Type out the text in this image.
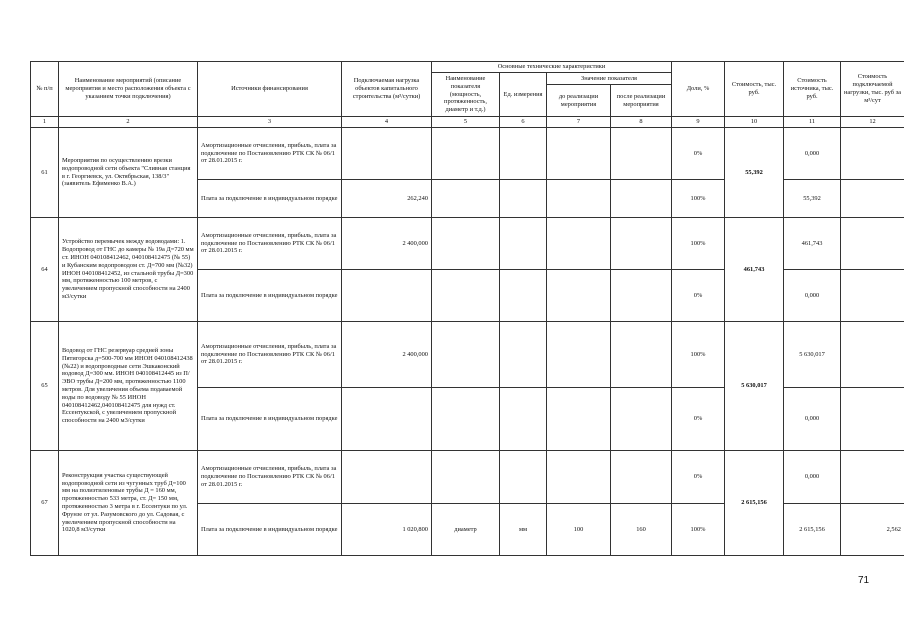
№ п/п	Наименование мероприятий (описание мероприятия и место расположения объекта с указанием точки подключения)	Источники финансирования	Подключаемая нагрузка объектов капитального строительства (м³/сутки)	Основные технические характеристики				Доли, %	Стоимость, тыс. руб.	Стоимость источника, тыс. руб.	Стоимость подключаемой нагрузки, тыс. руб за м³/сут
				Наименование показателя (мощность, протяженность, диаметр и т.д.)	Ед. измерения	Значение показателя					
						до реализации мероприятия	после реализации мероприятия				
1	2	3	4	5	6	7	8	9	10	11	12
61	Мероприятия по осуществлению врезки водопроводной сети объекта "Сливная станция в г. Георгиевск, ул. Октябрьская, 138/3" (заявитель Ефименко В.А.)	Амортизационные отчисления, прибыль, плата за подключение по Постановлению РТК СК № 06/1 от 28.01.2015 г.						0%	55,392	0,000	
		Плата за подключение в индивидуальном порядке	262,240					100%		55,392	
64	Устройство перемычек между водоводами: 1. Водопровод от ГНС до камеры № 19а Д=720 мм ст. ИНОН 040108412462, 040108412475 (№ 55) и Кубанским водопроводом ст. Д=700 мм (№32) ИНОН 040108412452, из стальной трубы Д=300 мм, протяженностью 100 метров, с увеличением пропускной способности на 2400 м3/сутки	Амортизационные отчисления, прибыль, плата за подключение по Постановлению РТК СК № 06/1 от 28.01.2015 г.	2 400,000					100%	461,743	461,743	
		Плата за подключение в индивидуальном порядке						0%		0,000	
65	Водовод от ГНС резервуар средней зоны Пятигорска д=500-700 мм ИНОН 040108412438 (№22) и водопроводные сети Эшкаконский водовод Д=300 мм. ИНОН 040108412445 из П/ЭВО трубы Д=200 мм, протяженностью 1100 метров. Для увеличения объема подаваемой воды по водоводу № 55 ИНОН 040108412462,040108412475 для нужд ст. Ессентукской, с увеличением пропускной способности на 2400 м3/сутки	Амортизационные отчисления, прибыль, плата за подключение по Постановлению РТК СК № 06/1 от 28.01.2015 г.	2 400,000					100%	5 630,017	5 630,017	
		Плата за подключение в индивидуальном порядке						0%		0,000	
67	Реконструкция участка существующей водопроводной сети из чугунных труб Д=100 мм на полиэтиленовые трубы Д = 160 мм, протяженностью 533 метра, ст. Д= 150 мм, протяженностью 3 метра в г. Ессентуки по ул. Фрунзе от ул. Разумовского до ул. Садовая, с увеличением пропускной способности на 1020,8 м3/сутки	Амортизационные отчисления, прибыль, плата за подключение по Постановлению РТК СК № 06/1 от 28.01.2015 г.						0%	2 615,156	0,000	
		Плата за подключение в индивидуальном порядке	1 020,800	диаметр	мм	100	160	100%		2 615,156	2,562
71
